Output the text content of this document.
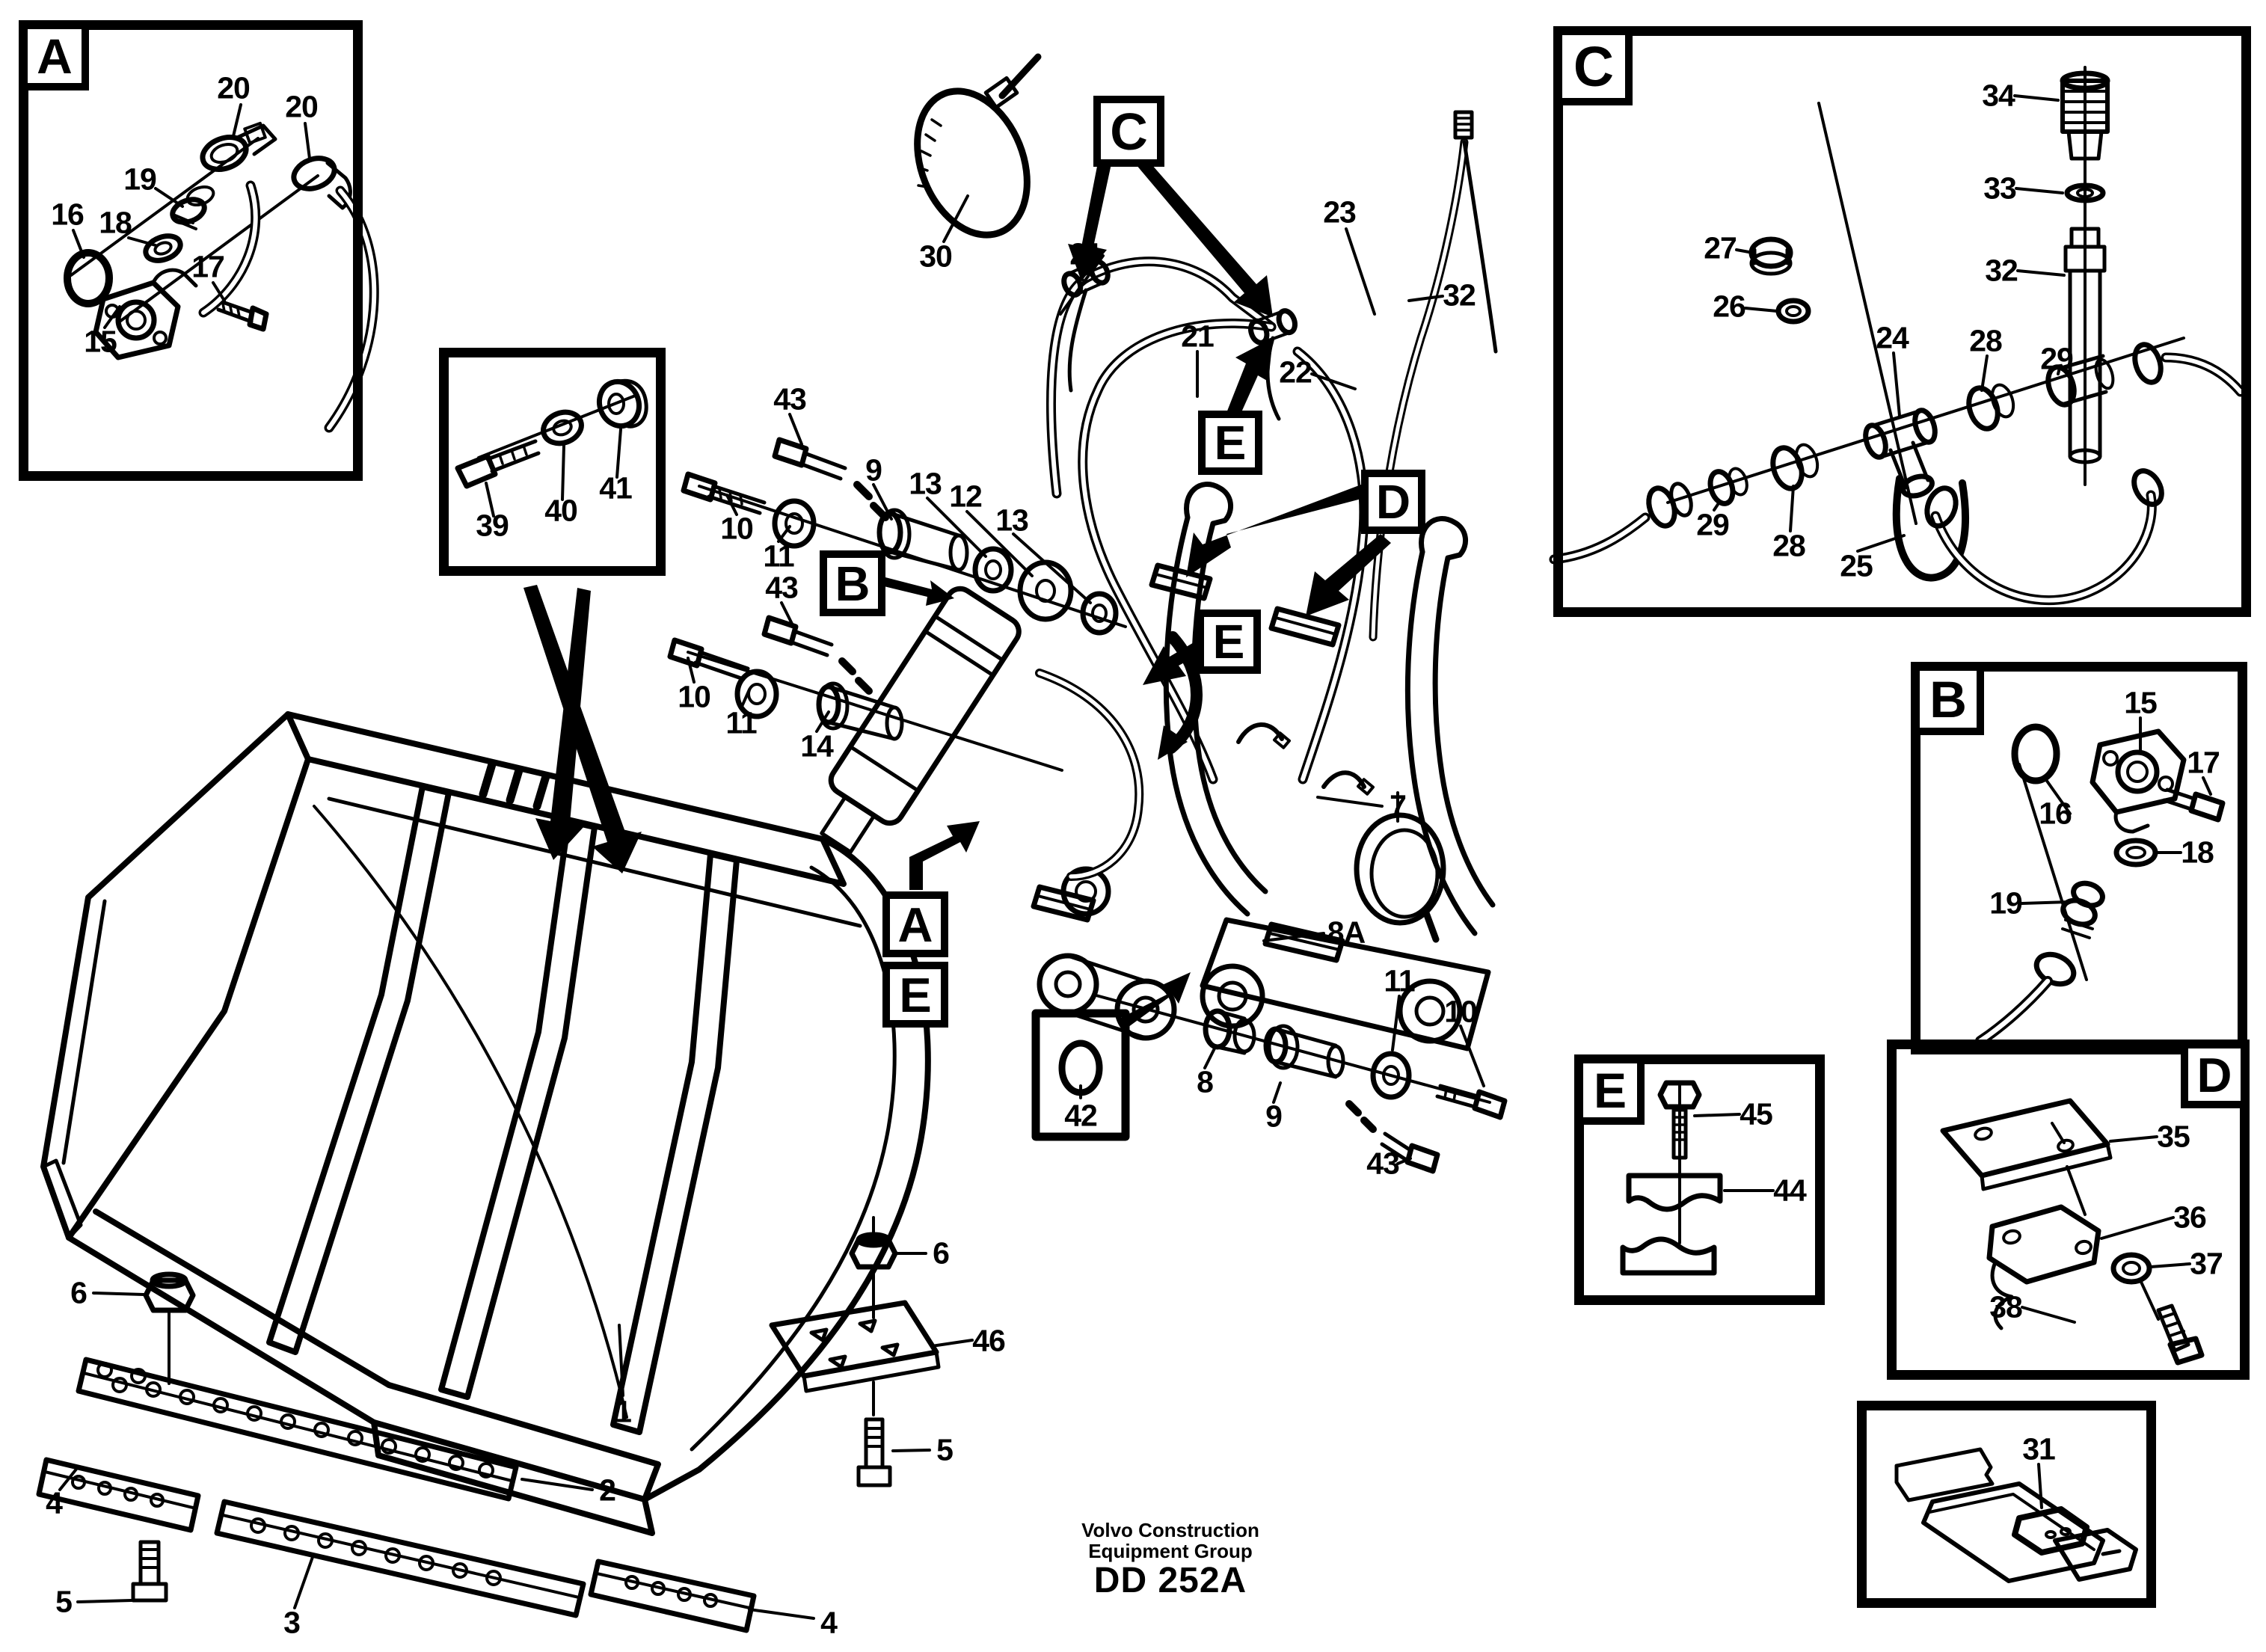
A	C
B
E	D
C
E
D
E
B
A
E
20
20
19
16 18
17
15
39 40
41
30	21
23
21
22
32
43
10
11
9 13 12
13
43
10
11
14
7
8A
11
10
8
9
43
42
6
1
2
4
5
3	4
46
6
5
34
33
27
26
32
24 28
29
29
28
25
15
17
16
18
19
45
44
35
36
37
38
31
Volvo Construction
Equipment Group
DD 252A
